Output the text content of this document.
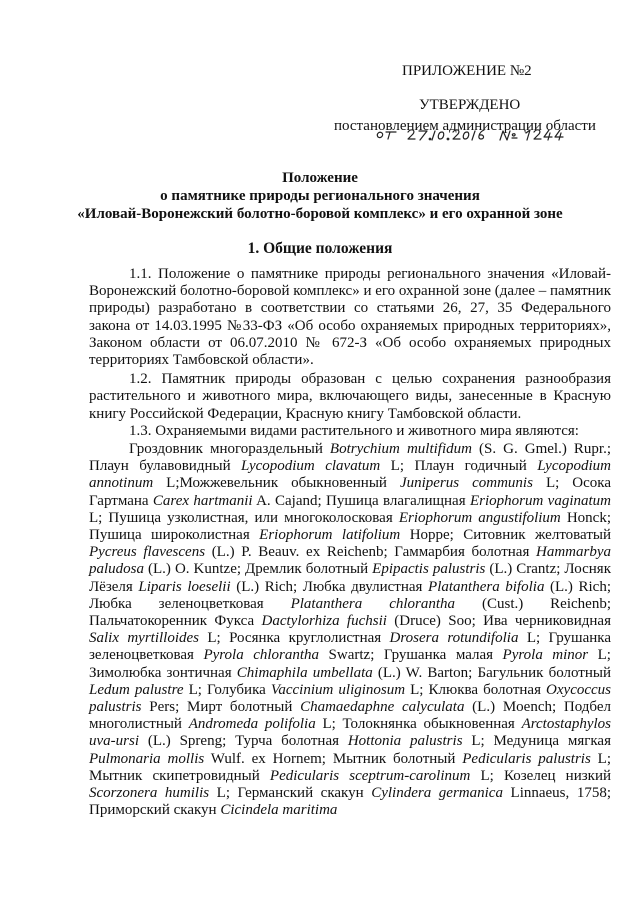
ПРИЛОЖЕНИЕ №2
УТВЕРЖДЕНО
постановлением администрации области
Положение
о памятнике природы регионального значения
«Иловай-Воронежский болотно-боровой комплекс» и его охранной зоне
1. Общие положения

1.1. Положение о памятнике природы регионального значения «Иловай-Воронежский болотно-боровой комплекс» и его охранной зоне (далее – памятник природы) разработано в соответствии со статьями 26, 27, 35 Федерального закона от 14.03.1995 №33-ФЗ «Об особо охраняемых природных территориях», Законом области от 06.07.2010 № 672-З «Об особо охраняемых природных территориях Тамбовской области».

1.2. Памятник природы образован с целью сохранения разнообразия растительного и животного мира, включающего виды, занесенные в Красную книгу Российской Федерации, Красную книгу Тамбовской области.

1.3. Охраняемыми видами растительного и животного мира являются:

Гроздовник многораздельный Botrychium multifidum (S. G. Gmel.) Rupr.; Плаун булавовидный Lycopodium clavatum L; Плаун годичный Lycopodium annotinum L;Можжевельник обыкновенный Juniperus communis L; Осока Гартмана Carex hartmanii A. Cajand; Пушица влагалищная Eriophorum vaginatum L; Пушица узколистная, или многоколосковая Eriophorum angustifolium Honck; Пушица широколистная Eriophorum latifolium Hoppe; Ситовник желтоватый Pycreus flavescens (L.) P. Beauv. ex Reichenb; Гаммарбия болотная Hammarbya paludosa (L.) O. Kuntze; Дремлик болотный Epipactis palustris (L.) Crantz; Лосняк Лёзеля Liparis loeselii (L.) Rich; Любка двулистная Platanthera bifolia (L.) Rich; Любка зеленоцветковая Platanthera chlorantha (Cust.) Reichenb; Пальчатокоренник Фукса Dactylorhiza fuchsii (Druce) Soo; Ива черниковидная Salix myrtilloides L; Росянка круглолистная Drosera rotundifolia L; Грушанка зеленоцветковая Pyrola chlorantha Swartz; Грушанка малая Pyrola minor L; Зимолюбка зонтичная Chimaphila umbellata (L.) W. Barton; Багульник болотный Ledum palustre L; Голубика Vaccinium uliginosum L; Клюква болотная Oxycoccus palustris Pers; Мирт болотный Chamaedaphne calyculata (L.) Moench; Подбел многолистный Andromeda polifolia L; Толокнянка обыкновенная Arctostaphylos uva-ursi (L.) Spreng; Турча болотная Hottonia palustris L; Медуница мягкая Pulmonaria mollis Wulf. ex Hornem; Мытник болотный Pedicularis palustris L; Мытник скипетровидный Pedicularis sceptrum-carolinum L; Козелец низкий Scorzonera humilis L; Германский скакун Cylindera germanica Linnaeus, 1758; Приморский скакун Cicindela maritima
